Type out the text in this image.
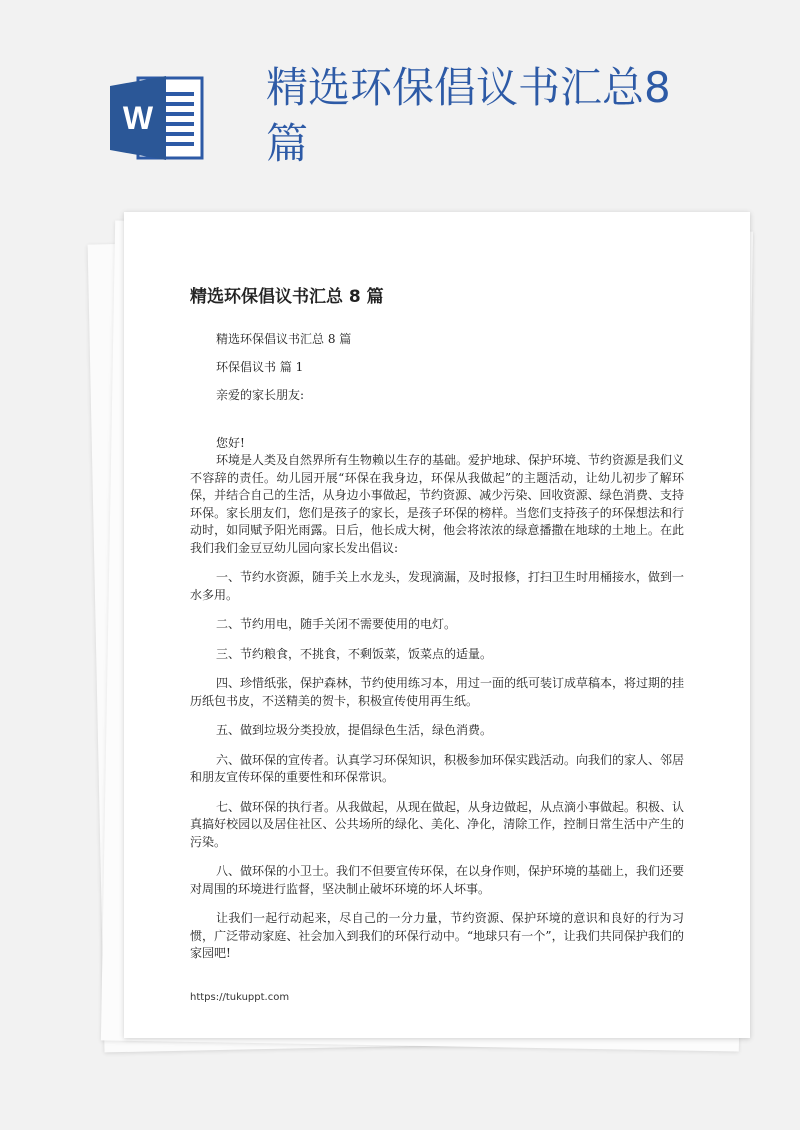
W
精选环保倡议书汇总8篇
精选环保倡议书汇总 8 篇
精选环保倡议书汇总 8 篇
环保倡议书 篇 1
亲爱的家长朋友:
您好!

环境是人类及自然界所有生物赖以生存的基础。爱护地球、保护环境、节约资源是我们义不容辞的责任。幼儿园开展“环保在我身边，环保从我做起”的主题活动，让幼儿初步了解环保，并结合自己的生活，从身边小事做起，节约资源、减少污染、回收资源、绿色消费、支持环保。家长朋友们，您们是孩子的家长，是孩子环保的榜样。当您们支持孩子的环保想法和行动时，如同赋予阳光雨露。日后，他长成大树，他会将浓浓的绿意播撒在地球的土地上。在此我们我们金豆豆幼儿园向家长发出倡议:

一、节约水资源，随手关上水龙头，发现滴漏，及时报修，打扫卫生时用桶接水，做到一水多用。

二、节约用电，随手关闭不需要使用的电灯。

三、节约粮食，不挑食，不剩饭菜，饭菜点的适量。

四、珍惜纸张，保护森林，节约使用练习本，用过一面的纸可装订成草稿本，将过期的挂历纸包书皮，不送精美的贺卡，积极宣传使用再生纸。

五、做到垃圾分类投放，提倡绿色生活，绿色消费。

六、做环保的宣传者。认真学习环保知识，积极参加环保实践活动。向我们的家人、邻居和朋友宣传环保的重要性和环保常识。

七、做环保的执行者。从我做起，从现在做起，从身边做起，从点滴小事做起。积极、认真搞好校园以及居住社区、公共场所的绿化、美化、净化，清除工作，控制日常生活中产生的污染。

八、做环保的小卫士。我们不但要宣传环保，在以身作则，保护环境的基础上，我们还要对周围的环境进行监督，坚决制止破坏环境的坏人坏事。

让我们一起行动起来，尽自己的一分力量，节约资源、保护环境的意识和良好的行为习惯，广泛带动家庭、社会加入到我们的环保行动中。“地球只有一个”，让我们共同保护我们的家园吧!

https://tukuppt.com
